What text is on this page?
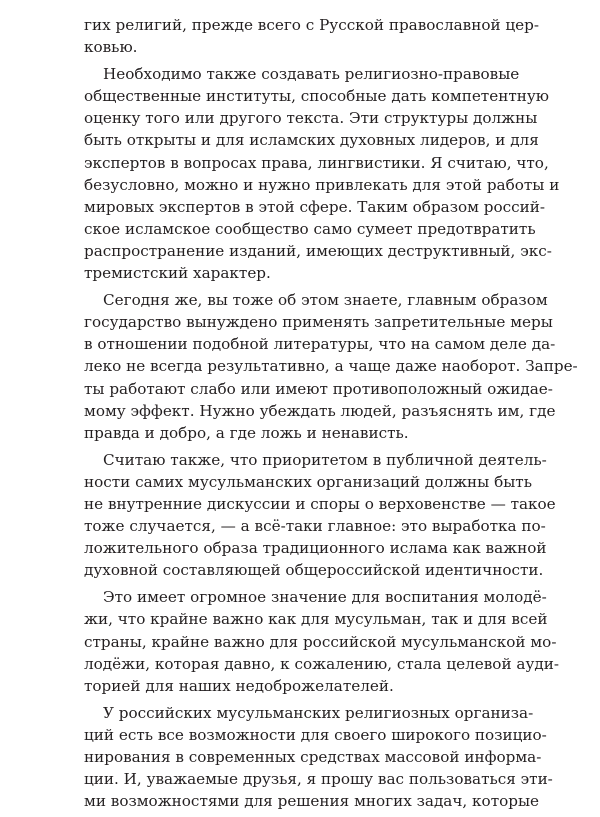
гих религий, прежде всего с Русской православной цер-
ковью.
Необходимо также создавать религиозно-правовые
общественные институты, способные дать компетентную
оценку того или другого текста. Эти структуры должны
быть открыты и для исламских духовных лидеров, и для
экспертов в вопросах права, лингвистики. Я считаю, что,
безусловно, можно и нужно привлекать для этой работы и
мировых экспертов в этой сфере. Таким образом россий-
ское исламское сообщество само сумеет предотвратить
распространение изданий, имеющих деструктивный, экс-
тремистский характер.
Сегодня же, вы тоже об этом знаете, главным образом
государство вынуждено применять запретительные меры
в отношении подобной литературы, что на самом деле да-
леко не всегда результативно, а чаще даже наоборот. Запре-
ты работают слабо или имеют противоположный ожидае-
мому эффект. Нужно убеждать людей, разъяснять им, где
правда и добро, а где ложь и ненависть.
Считаю также, что приоритетом в публичной деятель-
ности самих мусульманских организаций должны быть
не внутренние дискуссии и споры о верховенстве — такое
тоже случается, — а всё-таки главное: это выработка по-
ложительного образа традиционного ислама как важной
духовной составляющей общероссийской идентичности.
Это имеет огромное значение для воспитания молодё-
жи, что крайне важно как для мусульман, так и для всей
страны, крайне важно для российской мусульманской мо-
лодёжи, которая давно, к сожалению, стала целевой ауди-
торией для наших недоброжелателей.
У российских мусульманских религиозных организа-
ций есть все возможности для своего широкого позицио-
нирования в современных средствах массовой информа-
ции. И, уважаемые друзья, я прошу вас пользоваться эти-
ми возможностями для решения многих задач, которые
